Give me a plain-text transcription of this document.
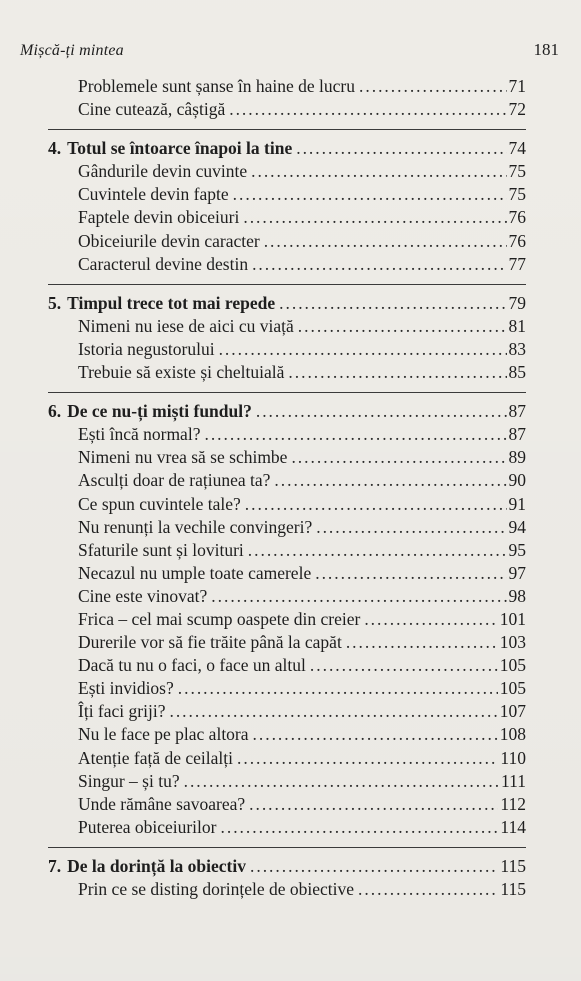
Mișcă-ți mintea	181
Problemele sunt șanse în haine de lucru . . .	71
Cine cutează, câștigă . . .	72
4. Totul se întoarce înapoi la tine . . .	74
Gândurile devin cuvinte . . .	75
Cuvintele devin fapte . . .	75
Faptele devin obiceiuri . . .	76
Obiceiurile devin caracter . . .	76
Caracterul devine destin . . .	77
5. Timpul trece tot mai repede . . .	79
Nimeni nu iese de aici cu viață . . .	81
Istoria negustorului . . .	83
Trebuie să existe și cheltuială . . .	85
6. De ce nu-ți miști fundul? . . .	87
Ești încă normal? . . .	87
Nimeni nu vrea să se schimbe . . .	89
Asculți doar de rațiunea ta? . . .	90
Ce spun cuvintele tale? . . .	91
Nu renunți la vechile convingeri? . . .	94
Sfaturile sunt și lovituri . . .	95
Necazul nu umple toate camerele . . .	97
Cine este vinovat? . . .	98
Frica – cel mai scump oaspete din creier . . .	101
Durerile vor să fie trăite până la capăt . . .	103
Dacă tu nu o faci, o face un altul . . .	105
Ești invidios? . . .	105
Îți faci griji? . . .	107
Nu le face pe plac altora . . .	108
Atenție față de ceilalți . . .	110
Singur – și tu? . . .	111
Unde rămâne savoarea? . . .	112
Puterea obiceiurilor . . .	114
7. De la dorință la obiectiv . . .	115
Prin ce se disting dorințele de obiective . . .	115
